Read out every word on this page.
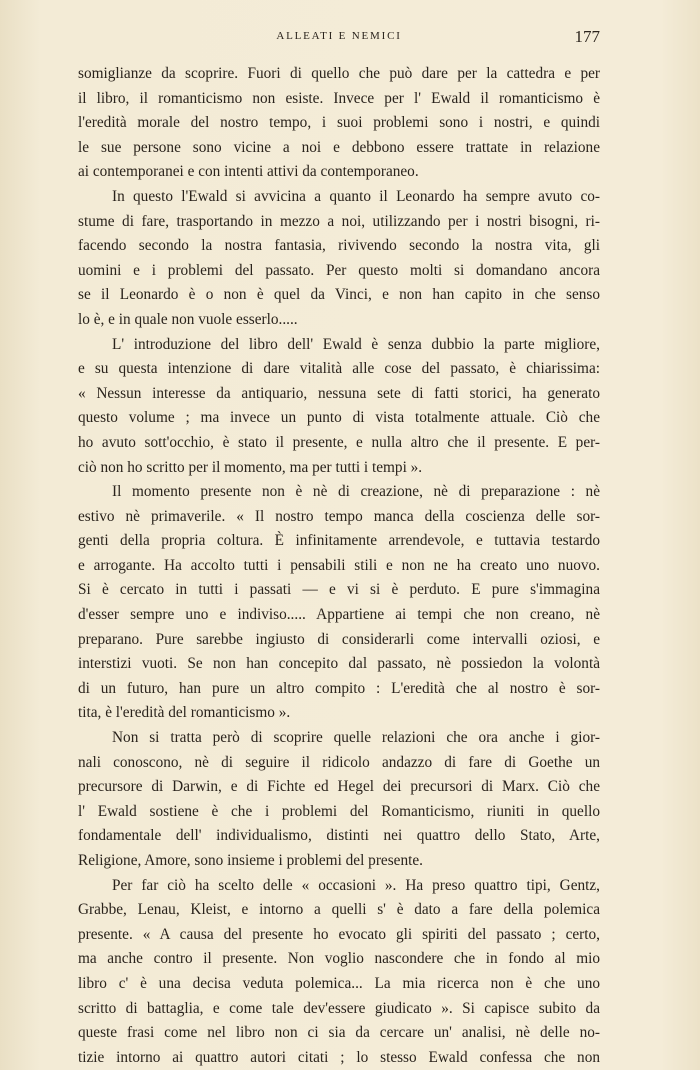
ALLEATI E NEMICI	177
somiglianze da scoprire. Fuori di quello che può dare per la cattedra e per
il libro, il romanticismo non esiste. Invece per l' Ewald il romanticismo è
l'eredità morale del nostro tempo, i suoi problemi sono i nostri, e quindi
le sue persone sono vicine a noi e debbono essere trattate in relazione
ai contemporanei e con intenti attivi da contemporaneo.
In questo l'Ewald si avvicina a quanto il Leonardo ha sempre avuto co-
stume di fare, trasportando in mezzo a noi, utilizzando per i nostri bisogni, ri-
facendo secondo la nostra fantasia, rivivendo secondo la nostra vita, gli
uomini e i problemi del passato. Per questo molti si domandano ancora
se il Leonardo è o non è quel da Vinci, e non han capito in che senso
lo è, e in quale non vuole esserlo.....
L' introduzione del libro dell' Ewald è senza dubbio la parte migliore,
e su questa intenzione di dare vitalità alle cose del passato, è chiarissima:
« Nessun interesse da antiquario, nessuna sete di fatti storici, ha generato
questo volume ; ma invece un punto di vista totalmente attuale. Ciò che
ho avuto sott'occhio, è stato il presente, e nulla altro che il presente. E per-
ciò non ho scritto per il momento, ma per tutti i tempi ».
Il momento presente non è nè di creazione, nè di preparazione : nè
estivo nè primaverile. « Il nostro tempo manca della coscienza delle sor-
genti della propria coltura. È infinitamente arrendevole, e tuttavia testardo
e arrogante. Ha accolto tutti i pensabili stili e non ne ha creato uno nuovo.
Si è cercato in tutti i passati — e vi si è perduto. E pure s'immagina
d'esser sempre uno e indiviso..... Appartiene ai tempi che non creano, nè
preparano. Pure sarebbe ingiusto di considerarli come intervalli oziosi, e
interstizi vuoti. Se non han concepito dal passato, nè possiedon la volontà
di un futuro, han pure un altro compito : L'eredità che al nostro è sor-
tita, è l'eredità del romanticismo ».
Non si tratta però di scoprire quelle relazioni che ora anche i gior-
nali conoscono, nè di seguire il ridicolo andazzo di fare di Goethe un
precursore di Darwin, e di Fichte ed Hegel dei precursori di Marx. Ciò che
l' Ewald sostiene è che i problemi del Romanticismo, riuniti in quello
fondamentale dell' individualismo, distinti nei quattro dello Stato, Arte,
Religione, Amore, sono insieme i problemi del presente.
Per far ciò ha scelto delle « occasioni ». Ha preso quattro tipi, Gentz,
Grabbe, Lenau, Kleist, e intorno a quelli s' è dato a fare della polemica
presente. « A causa del presente ho evocato gli spiriti del passato ; certo,
ma anche contro il presente. Non voglio nascondere che in fondo al mio
libro c' è una decisa veduta polemica... La mia ricerca non è che uno
scritto di battaglia, e come tale dev'essere giudicato ». Si capisce subito da
queste frasi come nel libro non ci sia da cercare un' analisi, nè delle no-
tizie intorno ai quattro autori citati ; lo stesso Ewald confessa che non
